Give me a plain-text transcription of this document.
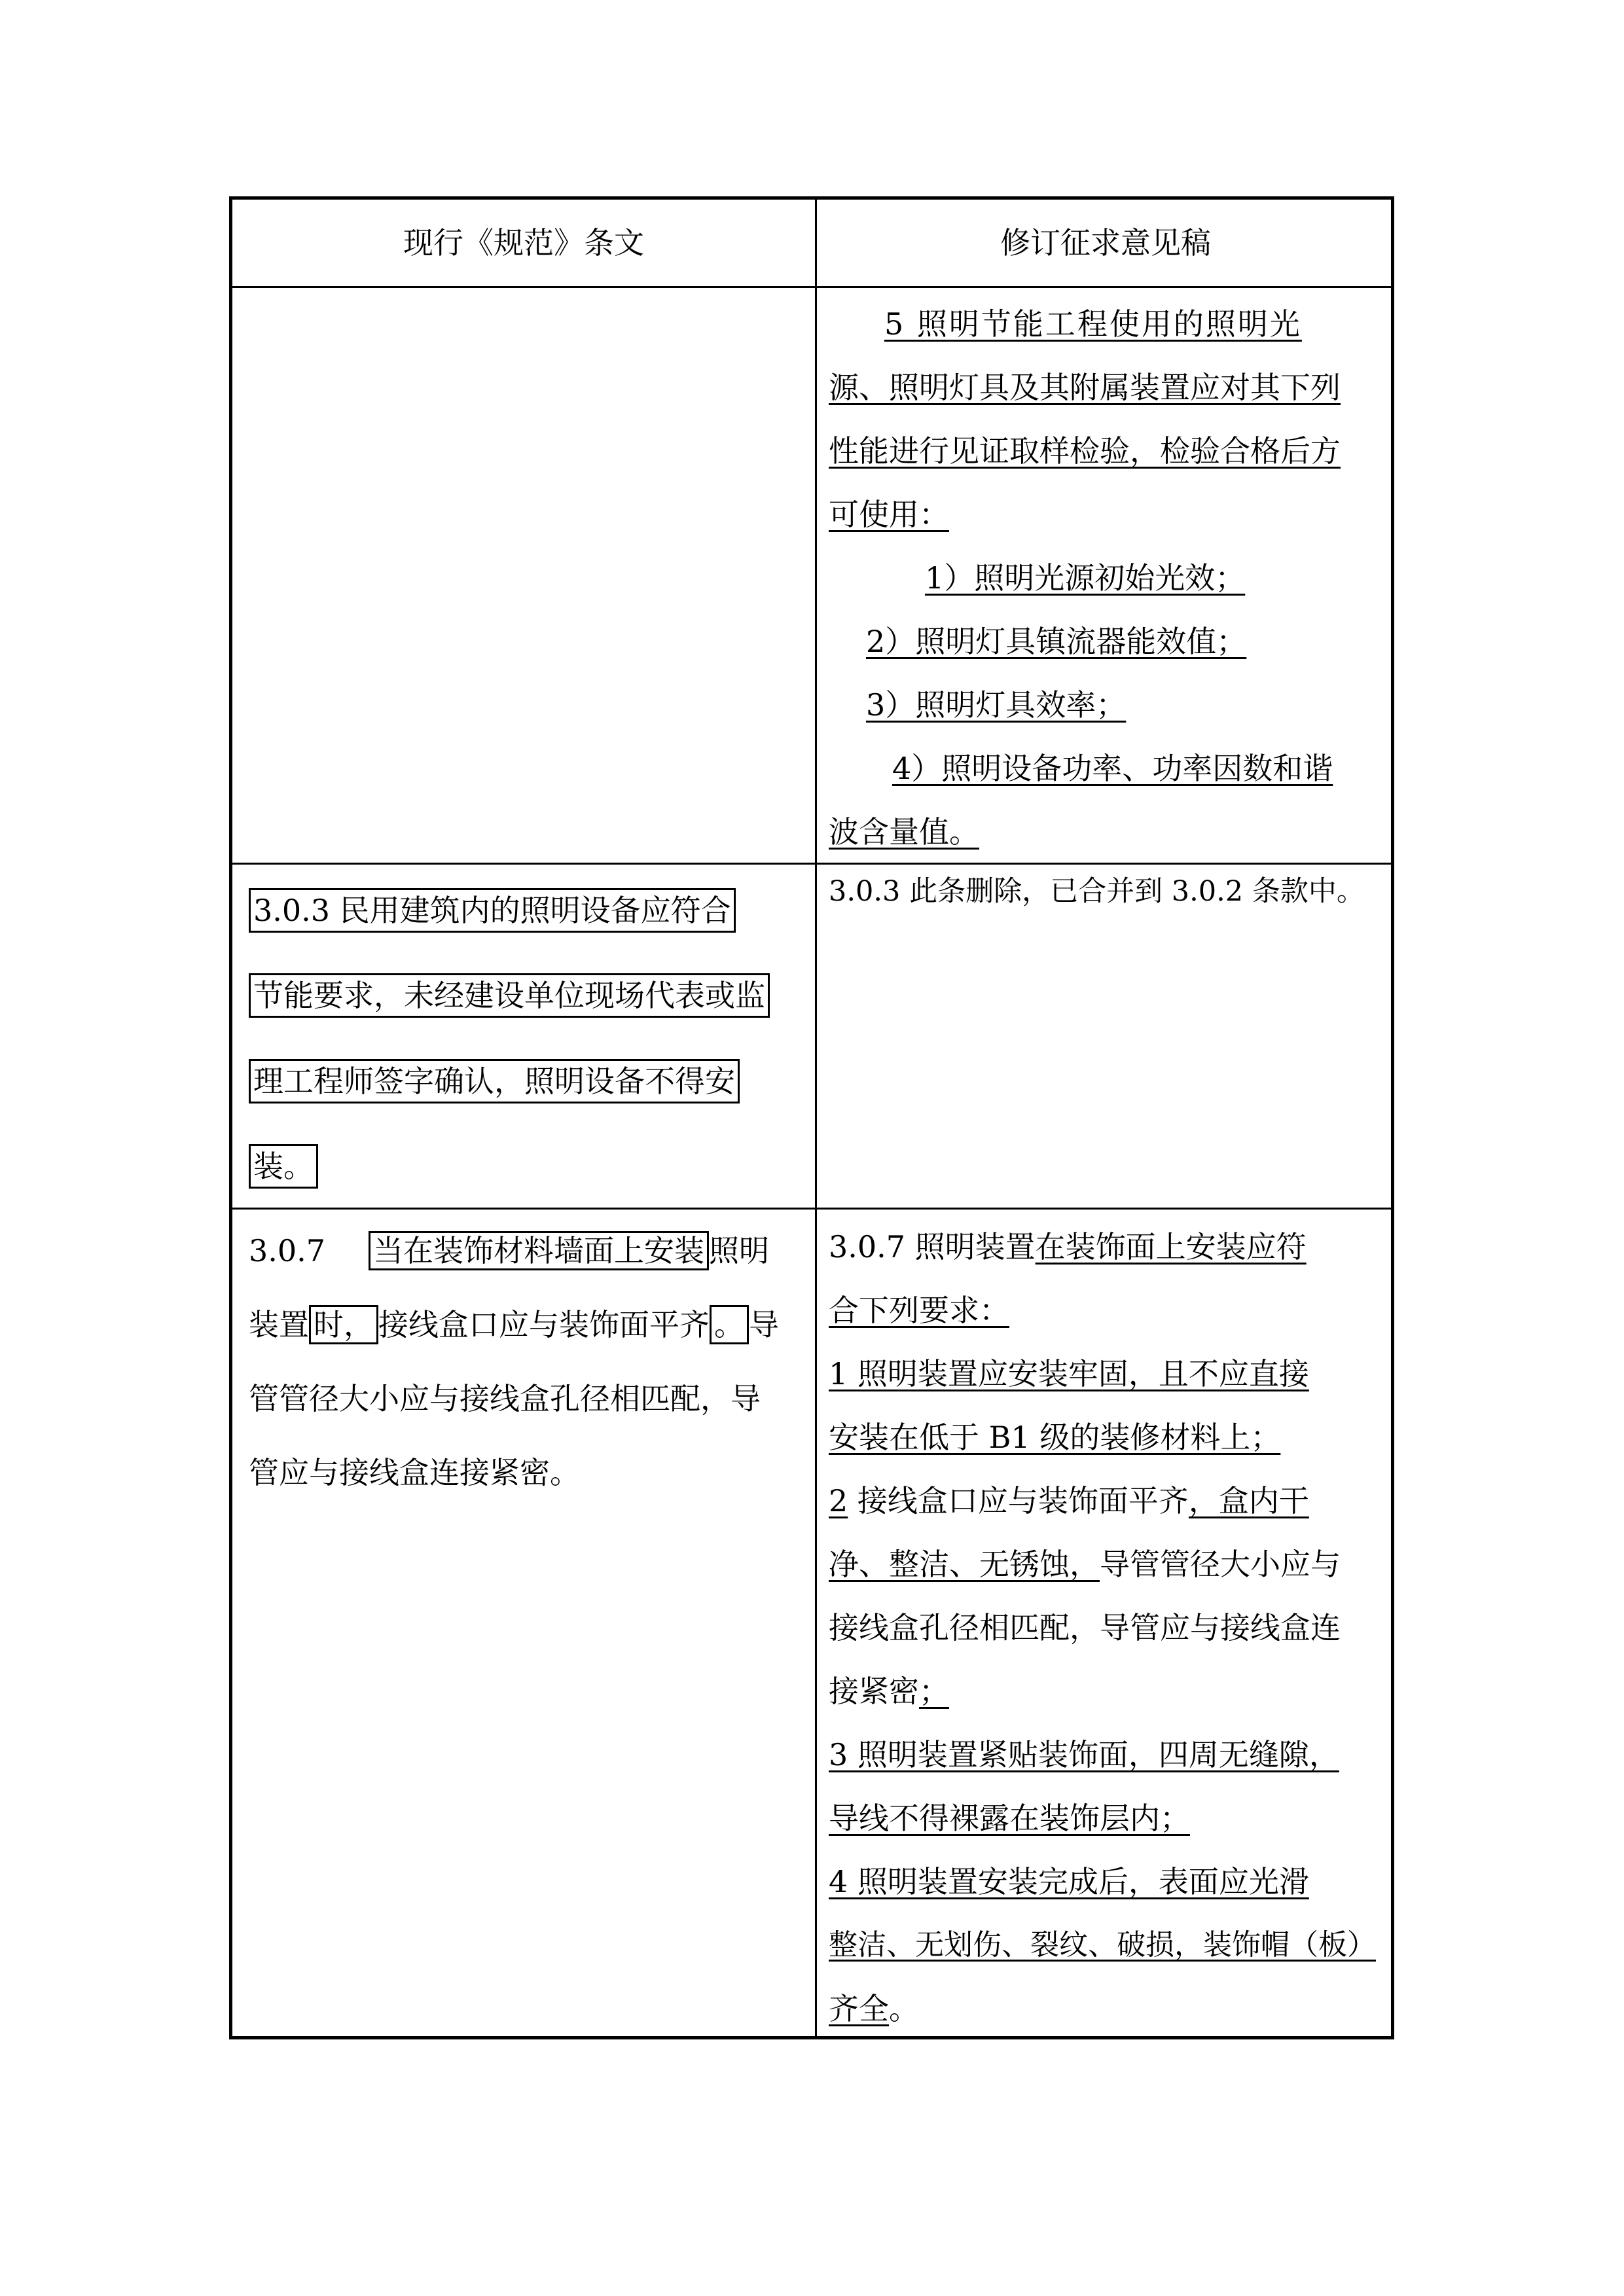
现行《规范》条文	修订征求意见稿
5 照明节能工程使用的照明光
源、照明灯具及其附属装置应对其下列
性能进行见证取样检验，检验合格后方
可使用：
1）照明光源初始光效；
2）照明灯具镇流器能效值；
3）照明灯具效率；
4）照明设备功率、功率因数和谐
波含量值。
3.0.3 民用建筑内的照明设备应符合
节能要求，未经建设单位现场代表或监
理工程师签字确认，照明设备不得安
装。
3.0.3 此条删除，已合并到 3.0.2 条款中。
3.0.7 当在装饰材料墙面上安装 照明
装置 时， 接线盒口应与装饰面平齐 。 导
管管径大小应与接线盒孔径相匹配，导
管应与接线盒连接紧密。
3.0.7 照明装置在装饰面上安装应符
合下列要求：
1 照明装置应安装牢固，且不应直接
安装在低于 B1 级的装修材料上；
2 接线盒口应与装饰面平齐，盒内干
净、整洁、无锈蚀，导管管径大小应与
接线盒孔径相匹配，导管应与接线盒连
接紧密；
3 照明装置紧贴装饰面，四周无缝隙，
导线不得裸露在装饰层内；
4 照明装置安装完成后，表面应光滑
整洁、无划伤、裂纹、破损，装饰帽（板）
齐全。
